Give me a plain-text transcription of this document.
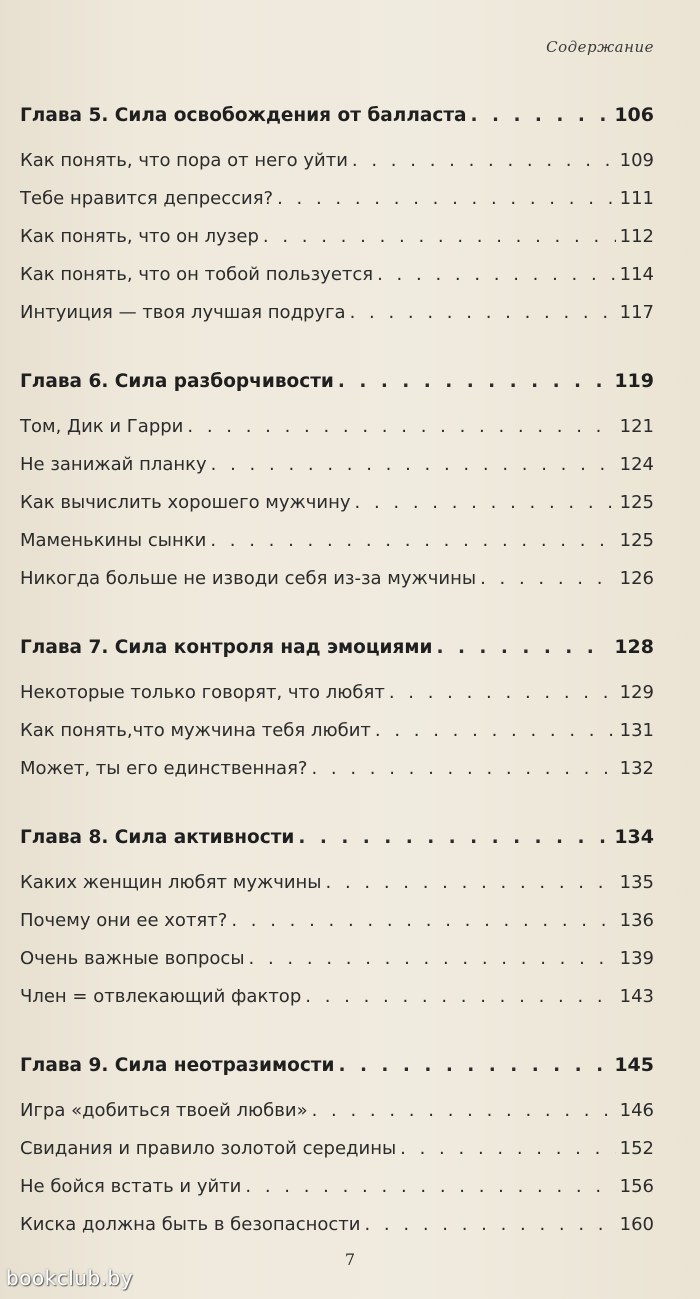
Содержание
Глава 5. Сила освобождения от балласта . . .	106
Как понять, что пора от него уйти . . .	109
Тебе нравится депрессия? . . .	111
Как понять, что он лузер . . .	112
Как понять, что он тобой пользуется . . .	114
Интуиция — твоя лучшая подруга . . .	117
Глава 6. Сила разборчивости . . .	119
Том, Дик и Гарри . . .	121
Не занижай планку . . .	124
Как вычислить хорошего мужчину . . .	125
Маменькины сынки . . .	125
Никогда больше не изводи себя из-за мужчины . . .	126
Глава 7. Сила контроля над эмоциями . . .	128
Некоторые только говорят, что любят . . .	129
Как понять,что мужчина тебя любит . . .	131
Может, ты его единственная? . . .	132
Глава 8. Сила активности . . .	134
Каких женщин любят мужчины . . .	135
Почему они ее хотят? . . .	136
Очень важные вопросы . . .	139
Член = отвлекающий фактор . . .	143
Глава 9. Сила неотразимости . . .	145
Игра «добиться твоей любви» . . .	146
Свидания и правило золотой середины . . .	152
Не бойся встать и уйти . . .	156
Киска должна быть в безопасности . . .	160
7
bookclub.by
